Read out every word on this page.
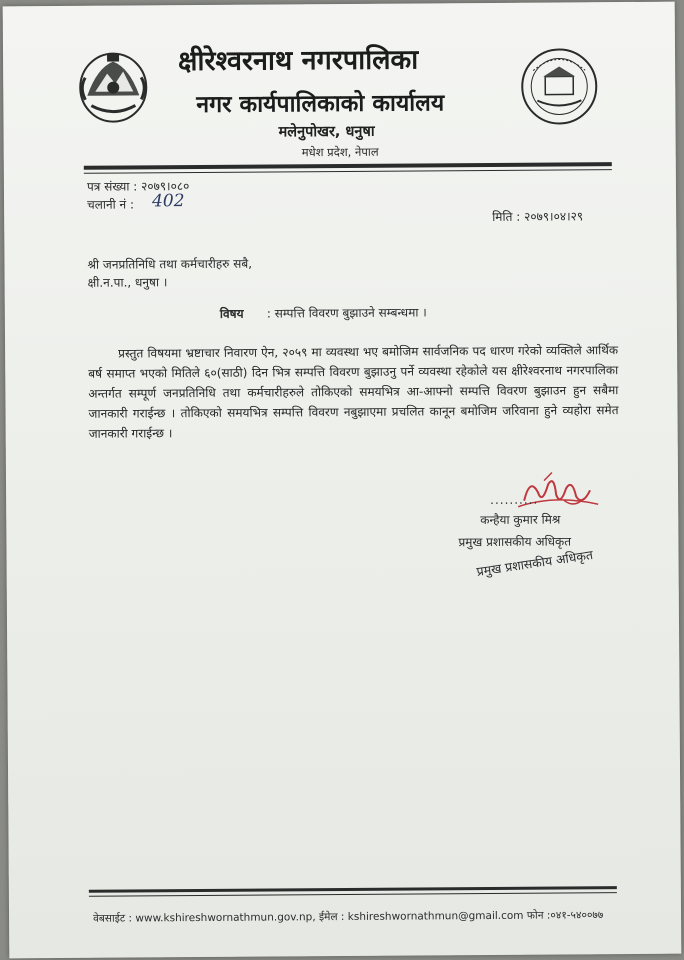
क्षीरेश्वरनाथ नगरपालिका
नगर कार्यपालिकाको कार्यालय
मलेनुपोखर, धनुषा
मधेश प्रदेश, नेपाल
पत्र संख्या : २०७९।०८०
चलानी नं : 402
मिति : २०७९।०४।२९
श्री जनप्रतिनिधि तथा कर्मचारीहरु सबै,
क्षी.न.पा., धनुषा ।
विषय : सम्पत्ति विवरण बुझाउने सम्बन्धमा ।
प्रस्तुत विषयमा भ्रष्टाचार निवारण ऐन, २०५९ मा व्यवस्था भए बमोजिम सार्वजनिक पद धारण गरेको व्यक्तिले आर्थिक बर्ष समाप्त भएको मितिले ६०(साठी) दिन भित्र सम्पत्ति विवरण बुझाउनु पर्ने व्यवस्था रहेकोले यस क्षीरेश्वरनाथ नगरपालिका अन्तर्गत सम्पूर्ण जनप्रतिनिधि तथा कर्मचारीहरुले तोकिएको समयभित्र आ-आफ्नो सम्पत्ति विवरण बुझाउन हुन सबैमा जानकारी गराईन्छ । तोकिएको समयभित्र सम्पत्ति विवरण नबुझाएमा प्रचलित कानून बमोजिम जरिवाना हुने व्यहोरा समेत जानकारी गराईन्छ ।
..........
कन्हैया कुमार मिश्र
प्रमुख प्रशासकीय अधिकृत
प्रमुख प्रशासकीय अधिकृत
वेबसाईट : www.kshireshwornathmun.gov.np, ईमेल : kshireshwornathmun@gmail.com फोन :०४१-५४००७७
